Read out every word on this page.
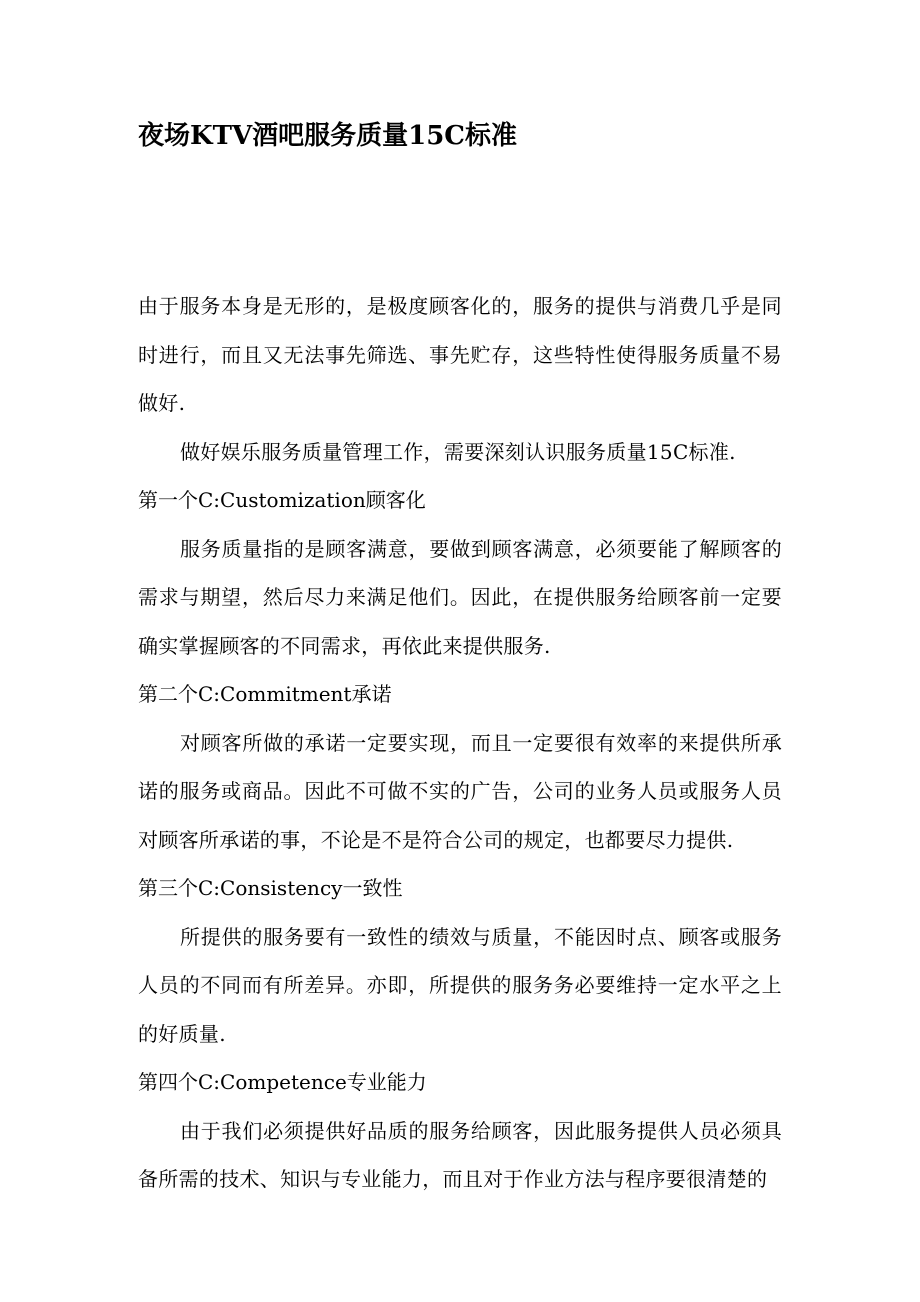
夜场KTV酒吧服务质量15C标准

由于服务本身是无形的，是极度顾客化的，服务的提供与消费几乎是同时进行，而且又无法事先筛选、事先贮存，这些特性使得服务质量不易做好.

做好娱乐服务质量管理工作，需要深刻认识服务质量15C标准.

第一个C:Customization顾客化

服务质量指的是顾客满意，要做到顾客满意，必须要能了解顾客的需求与期望，然后尽力来满足他们。因此，在提供服务给顾客前一定要确实掌握顾客的不同需求，再依此来提供服务.

第二个C:Commitment承诺

对顾客所做的承诺一定要实现，而且一定要很有效率的来提供所承诺的服务或商品。因此不可做不实的广告，公司的业务人员或服务人员对顾客所承诺的事，不论是不是符合公司的规定，也都要尽力提供.

第三个C:Consistency一致性

所提供的服务要有一致性的绩效与质量，不能因时点、顾客或服务人员的不同而有所差异。亦即，所提供的服务务必要维持一定水平之上的好质量.

第四个C:Competence专业能力

由于我们必须提供好品质的服务给顾客，因此服务提供人员必须具备所需的技术、知识与专业能力，而且对于作业方法与程序要很清楚的
